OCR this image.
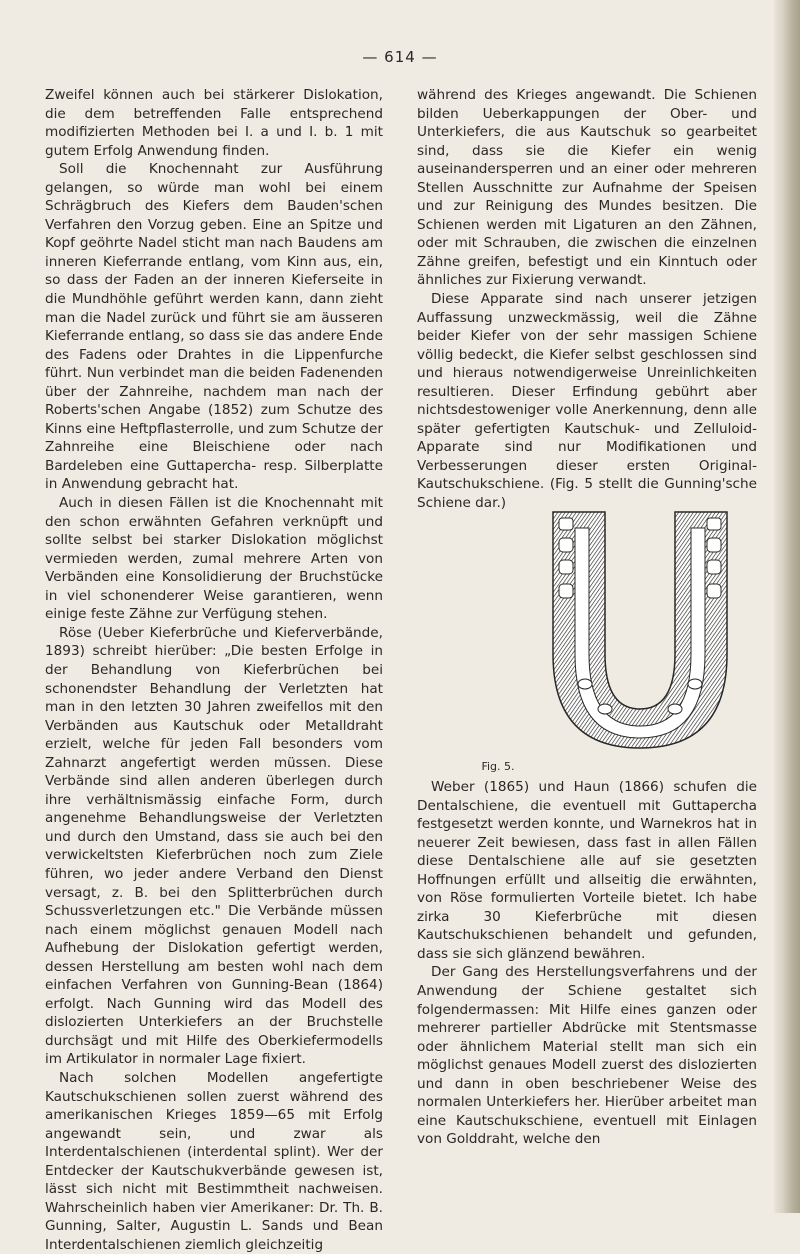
— 614 —

Zweifel können auch bei stärkerer Dislokation, die dem betreffenden Falle entsprechend modifizierten Methoden bei I. a und I. b. 1 mit gutem Erfolg Anwendung finden.

Soll die Knochennaht zur Ausführung gelangen, so würde man wohl bei einem Schrägbruch des Kiefers dem Bauden'schen Verfahren den Vorzug geben. Eine an Spitze und Kopf geöhrte Nadel sticht man nach Baudens am inneren Kieferrande entlang, vom Kinn aus, ein, so dass der Faden an der inneren Kieferseite in die Mundhöhle geführt werden kann, dann zieht man die Nadel zurück und führt sie am äusseren Kieferrande entlang, so dass sie das andere Ende des Fadens oder Drahtes in die Lippenfurche führt. Nun verbindet man die beiden Fadenenden über der Zahnreihe, nachdem man nach der Roberts'schen Angabe (1852) zum Schutze des Kinns eine Heftpflasterrolle, und zum Schutze der Zahnreihe eine Bleischiene oder nach Bardeleben eine Guttapercha- resp. Silberplatte in Anwendung gebracht hat.

Auch in diesen Fällen ist die Knochennaht mit den schon erwähnten Gefahren verknüpft und sollte selbst bei starker Dislokation möglichst vermieden werden, zumal mehrere Arten von Verbänden eine Konsolidierung der Bruchstücke in viel schonenderer Weise garantieren, wenn einige feste Zähne zur Verfügung stehen.

Röse (Ueber Kieferbrüche und Kieferverbände, 1893) schreibt hierüber: „Die besten Erfolge in der Behandlung von Kieferbrüchen bei schonendster Behandlung der Verletzten hat man in den letzten 30 Jahren zweifellos mit den Verbänden aus Kautschuk oder Metalldraht erzielt, welche für jeden Fall besonders vom Zahnarzt angefertigt werden müssen. Diese Verbände sind allen anderen überlegen durch ihre verhältnismässig einfache Form, durch angenehme Behandlungsweise der Verletzten und durch den Umstand, dass sie auch bei den verwickeltsten Kieferbrüchen noch zum Ziele führen, wo jeder andere Verband den Dienst versagt, z. B. bei den Splitterbrüchen durch Schussverletzungen etc." Die Verbände müssen nach einem möglichst genauen Modell nach Aufhebung der Dislokation gefertigt werden, dessen Herstellung am besten wohl nach dem einfachen Verfahren von Gunning-Bean (1864) erfolgt. Nach Gunning wird das Modell des dislozierten Unterkiefers an der Bruchstelle durchsägt und mit Hilfe des Oberkiefermodells im Artikulator in normaler Lage fixiert.

Nach solchen Modellen angefertigte Kautschukschienen sollen zuerst während des amerikanischen Krieges 1859—65 mit Erfolg angewandt sein, und zwar als Interdentalschienen (interdental splint). Wer der Entdecker der Kautschukverbände gewesen ist, lässt sich nicht mit Bestimmtheit nachweisen. Wahrscheinlich haben vier Amerikaner: Dr. Th. B. Gunning, Salter, Augustin L. Sands und Bean Interdentalschienen ziemlich gleichzeitig

während des Krieges angewandt. Die Schienen bilden Ueberkappungen der Ober- und Unterkiefers, die aus Kautschuk so gearbeitet sind, dass sie die Kiefer ein wenig auseinandersperren und an einer oder mehreren Stellen Ausschnitte zur Aufnahme der Speisen und zur Reinigung des Mundes besitzen. Die Schienen werden mit Ligaturen an den Zähnen, oder mit Schrauben, die zwischen die einzelnen Zähne greifen, befestigt und ein Kinntuch oder ähnliches zur Fixierung verwandt.

Diese Apparate sind nach unserer jetzigen Auffassung unzweckmässig, weil die Zähne beider Kiefer von der sehr massigen Schiene völlig bedeckt, die Kiefer selbst geschlossen sind und hieraus notwendigerweise Unreinlichkeiten resultieren. Dieser Erfindung gebührt aber nichtsdestoweniger volle Anerkennung, denn alle später gefertigten Kautschuk- und Zelluloid-Apparate sind nur Modifikationen und Verbesserungen dieser ersten Original-Kautschukschiene. (Fig. 5 stellt die Gunning'sche Schiene dar.)

Fig. 5.

Weber (1865) und Haun (1866) schufen die Dentalschiene, die eventuell mit Guttapercha festgesetzt werden konnte, und Warnekros hat in neuerer Zeit bewiesen, dass fast in allen Fällen diese Dentalschiene alle auf sie gesetzten Hoffnungen erfüllt und allseitig die erwähnten, von Röse formulierten Vorteile bietet. Ich habe zirka 30 Kieferbrüche mit diesen Kautschukschienen behandelt und gefunden, dass sie sich glänzend bewähren.

Der Gang des Herstellungsverfahrens und der Anwendung der Schiene gestaltet sich folgendermassen: Mit Hilfe eines ganzen oder mehrerer partieller Abdrücke mit Stentsmasse oder ähnlichem Material stellt man sich ein möglichst genaues Modell zuerst des dislozierten und dann in oben beschriebener Weise des normalen Unterkiefers her. Hierüber arbeitet man eine Kautschukschiene, eventuell mit Einlagen von Golddraht, welche den
